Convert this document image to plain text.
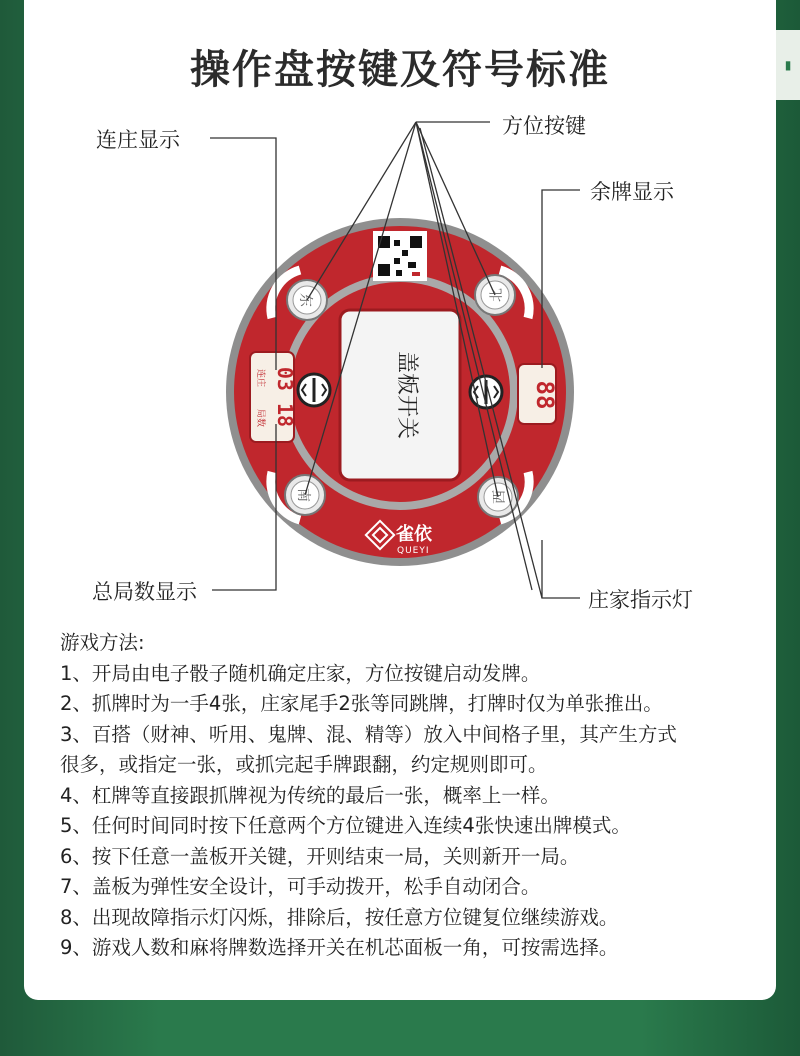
▮
操作盘按键及符号标准
盖板开关
03 18
连庄
局数
88
东	北
南	西
雀依
QUEYI
连庄显示
方位按键
余牌显示
总局数显示	庄家指示灯
游戏方法:
1、开局由电子骰子随机确定庄家，方位按键启动发牌。
2、抓牌时为一手4张，庄家尾手2张等同跳牌，打牌时仅为单张推出。
3、百搭（财神、听用、鬼牌、混、精等）放入中间格子里，其产生方式
很多，或指定一张，或抓完起手牌跟翻，约定规则即可。
4、杠牌等直接跟抓牌视为传统的最后一张，概率上一样。
5、任何时间同时按下任意两个方位键进入连续4张快速出牌模式。
6、按下任意一盖板开关键，开则结束一局，关则新开一局。
7、盖板为弹性安全设计，可手动拨开，松手自动闭合。
8、出现故障指示灯闪烁，排除后，按任意方位键复位继续游戏。
9、游戏人数和麻将牌数选择开关在机芯面板一角，可按需选择。
